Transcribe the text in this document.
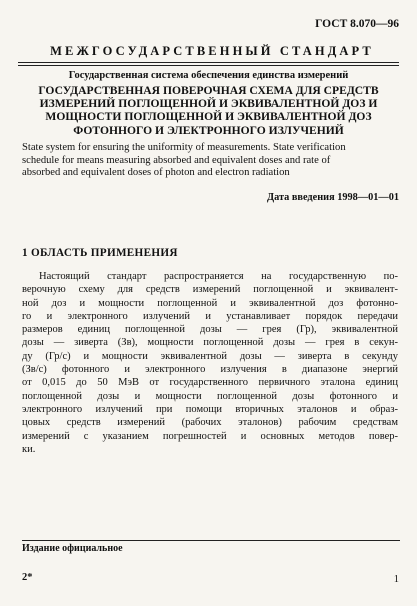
ГОСТ 8.070—96
МЕЖГОСУДАРСТВЕННЫЙ СТАНДАРТ
Государственная система обеспечения единства измерений
ГОСУДАРСТВЕННАЯ ПОВЕРОЧНАЯ СХЕМА ДЛЯ СРЕДСТВ
ИЗМЕРЕНИЙ ПОГЛОЩЕННОЙ И ЭКВИВАЛЕНТНОЙ ДОЗ И
МОЩНОСТИ ПОГЛОЩЕННОЙ И ЭКВИВАЛЕНТНОЙ ДОЗ
ФОТОННОГО И ЭЛЕКТРОННОГО ИЗЛУЧЕНИЙ
State system for ensuring the uniformity of measurements. State verification
schedule for means measuring absorbed and equivalent doses and rate of
absorbed and equivalent doses of photon and electron radiation
Дата введения 1998—01—01
1 ОБЛАСТЬ ПРИМЕНЕНИЯ
Настоящий стандарт распространяется на государственную по-
верочную схему для средств измерений поглощенной и эквивалент-
ной доз и мощности поглощенной и эквивалентной доз фотонно-
го и электронного излучений и устанавливает порядок передачи
размеров единиц поглощенной дозы — грея (Гр), эквивалентной
дозы — зиверта (Зв), мощности поглощенной дозы — грея в секун-
ду (Гр/с) и мощности эквивалентной дозы — зиверта в секунду
(Зв/с) фотонного и электронного излучения в диапазоне энергий
от 0,015 до 50 МэВ от государственного первичного эталона единиц
поглощенной дозы и мощности поглощенной дозы фотонного и
электронного излучений при помощи вторичных эталонов и образ-
цовых средств измерений (рабочих эталонов) рабочим средствам
измерений с указанием погрешностей и основных методов повер-
ки.
Издание официальное
2*	1
